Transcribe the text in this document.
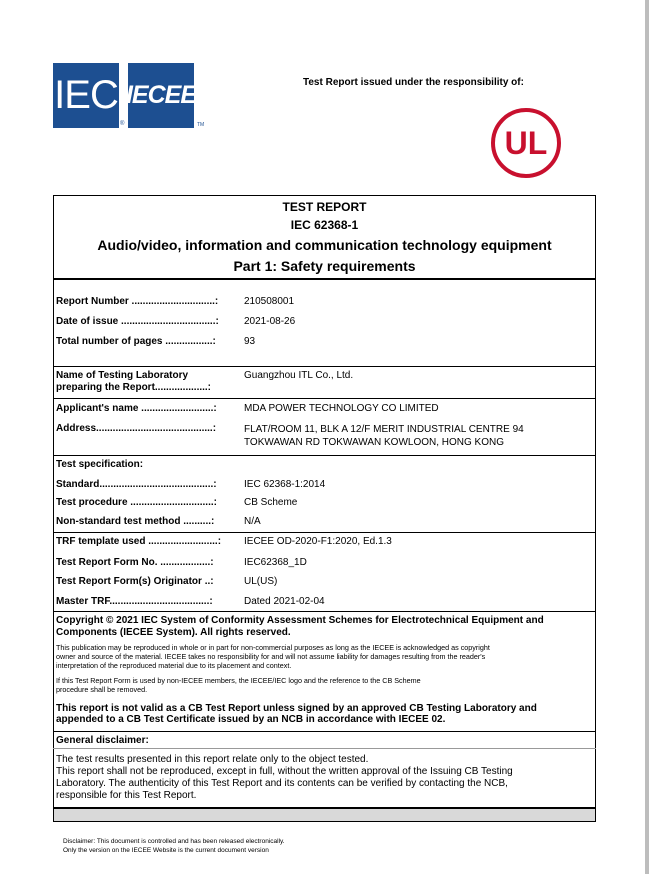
IEC
®
IECEE
TM
Test Report issued under the responsibility of:
UL
TEST REPORT
IEC 62368-1
Audio/video, information and communication technology equipment
Part 1: Safety requirements
Report Number ..............................:	210508001
Date of issue ..................................:	2021-08-26
Total number of pages .................:	93
Name of Testing Laboratory
preparing the Report...................:
Guangzhou ITL Co., Ltd.
Applicant's name ..........................:	MDA POWER TECHNOLOGY CO LIMITED
Address..........................................:	FLAT/ROOM 11, BLK A 12/F MERIT INDUSTRIAL CENTRE 94
TOKWAWAN RD TOKWAWAN KOWLOON, HONG KONG
Test specification:
Standard.........................................:	IEC 62368-1:2014
Test procedure ..............................:	CB Scheme
Non-standard test method ..........:	N/A
TRF template used .........................: IECEE OD-2020-F1:2020, Ed.1.3
Test Report Form No. ..................:	IEC62368_1D
Test Report Form(s) Originator ..:	UL(US)
Master TRF....................................:	Dated 2021-02-04
Copyright © 2021 IEC System of Conformity Assessment Schemes for Electrotechnical Equipment and
Components (IECEE System). All rights reserved.
This publication may be reproduced in whole or in part for non-commercial purposes as long as the IECEE is acknowledged as copyright
owner and source of the material. IECEE takes no responsibility for and will not assume liability for damages resulting from the reader's
interpretation of the reproduced material due to its placement and context.
If this Test Report Form is used by non-IECEE members, the IECEE/IEC logo and the reference to the CB Scheme
procedure shall be removed.
This report is not valid as a CB Test Report unless signed by an approved CB Testing Laboratory and
appended to a CB Test Certificate issued by an NCB in accordance with IECEE 02.
General disclaimer:
The test results presented in this report relate only to the object tested.
This report shall not be reproduced, except in full, without the written approval of the Issuing CB Testing
Laboratory. The authenticity of this Test Report and its contents can be verified by contacting the NCB,
responsible for this Test Report.
Disclaimer: This document is controlled and has been released electronically.
Only the version on the IECEE Website is the current document version
